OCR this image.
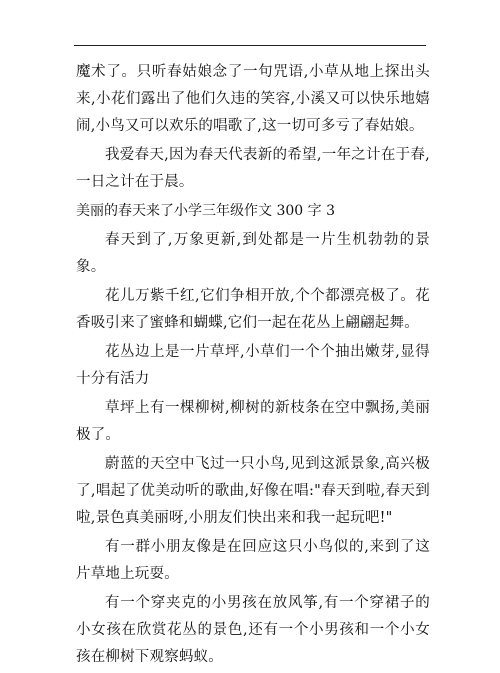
魔术了。只听春姑娘念了一句咒语,小草从地上探出头来,小花们露出了他们久违的笑容,小溪又可以快乐地嬉闹,小鸟又可以欢乐的唱歌了,这一切可多亏了春姑娘。

我爱春天,因为春天代表新的希望,一年之计在于春,一日之计在于晨。

美丽的春天来了小学三年级作文 300 字 3

春天到了,万象更新,到处都是一片生机勃勃的景象。

花儿万紫千红,它们争相开放,个个都漂亮极了。花香吸引来了蜜蜂和蝴蝶,它们一起在花丛上翩翩起舞。

花丛边上是一片草坪,小草们一个个抽出嫩芽,显得十分有活力

草坪上有一棵柳树,柳树的新枝条在空中飘扬,美丽极了。

蔚蓝的天空中飞过一只小鸟,见到这派景象,高兴极了,唱起了优美动听的歌曲,好像在唱:"春天到啦,春天到啦,景色真美丽呀,小朋友们快出来和我一起玩吧!"

有一群小朋友像是在回应这只小鸟似的,来到了这片草地上玩耍。

有一个穿夹克的小男孩在放风筝,有一个穿裙子的小女孩在欣赏花丛的景色,还有一个小男孩和一个小女孩在柳树下观察蚂蚁。
